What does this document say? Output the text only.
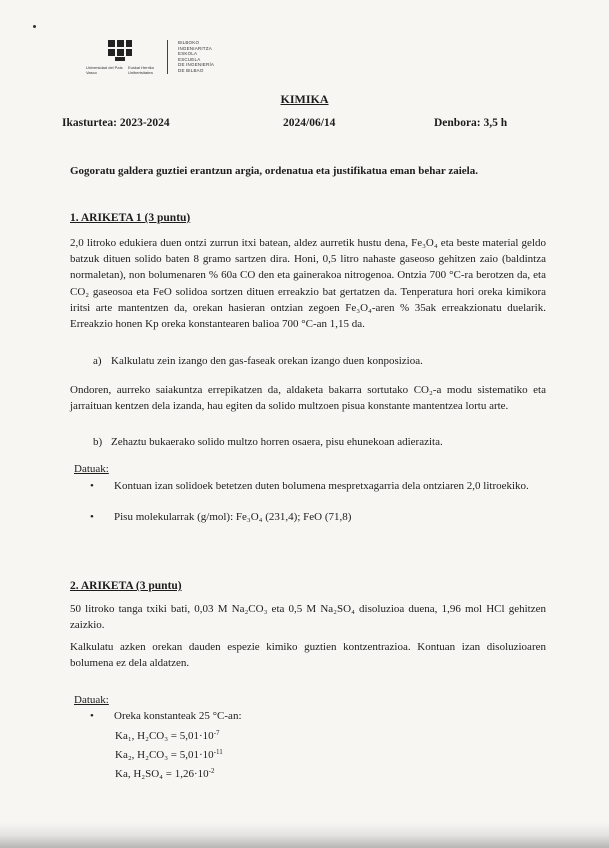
Universidad del País Vasco
Euskal Herriko Unibertsitatea
BILBOKO
INGENIARITZA
ESKOLA
ESCUELA
DE INGENIERÍA
DE BILBAO
KIMIKA
Ikasturtea: 2023-2024	2024/06/14	Denbora: 3,5 h
Gogoratu galdera guztiei erantzun argia, ordenatua eta justifikatua eman behar zaiela.
1. ARIKETA 1 (3 puntu)
2,0 litroko edukiera duen ontzi zurrun itxi batean, aldez aurretik hustu dena, Fe₃O₄ eta beste material geldo batzuk dituen solido baten 8 gramo sartzen dira. Honi, 0,5 litro nahaste gaseoso gehitzen zaio (baldintza normaletan), non bolumenaren % 60a CO den eta gainerakoa nitrogenoa. Ontzia 700 °C-ra berotzen da, eta CO₂ gaseosoa eta FeO solidoa sortzen dituen erreakzio bat gertatzen da. Tenperatura hori oreka kimikora iritsi arte mantentzen da, orekan hasieran ontzian zegoen Fe₃O₄-aren % 35ak erreakzionatu duelarik. Erreakzio honen Kp oreka konstantearen balioa 700 °C-an 1,15 da.
a) Kalkulatu zein izango den gas-faseak orekan izango duen konposizioa.
Ondoren, aurreko saiakuntza errepikatzen da, aldaketa bakarra sortutako CO₂-a modu sistematiko eta jarraituan kentzen dela izanda, hau egiten da solido multzoen pisua konstante mantentzea lortu arte.
b) Zehaztu bukaerako solido multzo horren osaera, pisu ehunekoan adierazita.
Datuak:
• Kontuan izan solidoek betetzen duten bolumena mespretxagarria dela ontziaren 2,0 litroekiko.
• Pisu molekularrak (g/mol): Fe₃O₄ (231,4); FeO (71,8)
2. ARIKETA (3 puntu)
50 litroko tanga txiki bati, 0,03 M Na₂CO₃ eta 0,5 M Na₂SO₄ disoluzioa duena, 1,96 mol HCl gehitzen zaizkio.
Kalkulatu azken orekan dauden espezie kimiko guztien kontzentrazioa. Kontuan izan disoluzioaren bolumena ez dela aldatzen.
Datuak:
• Oreka konstanteak 25 °C-an:
Ka₁, $H_2CO_3 = 5,01\cdot 10^{-7}$
Ka₂, $H_2CO_3 = 5,01\cdot 10^{-11}$
Ka, $H_2SO_4 = 1,26\cdot 10^{-2}$
